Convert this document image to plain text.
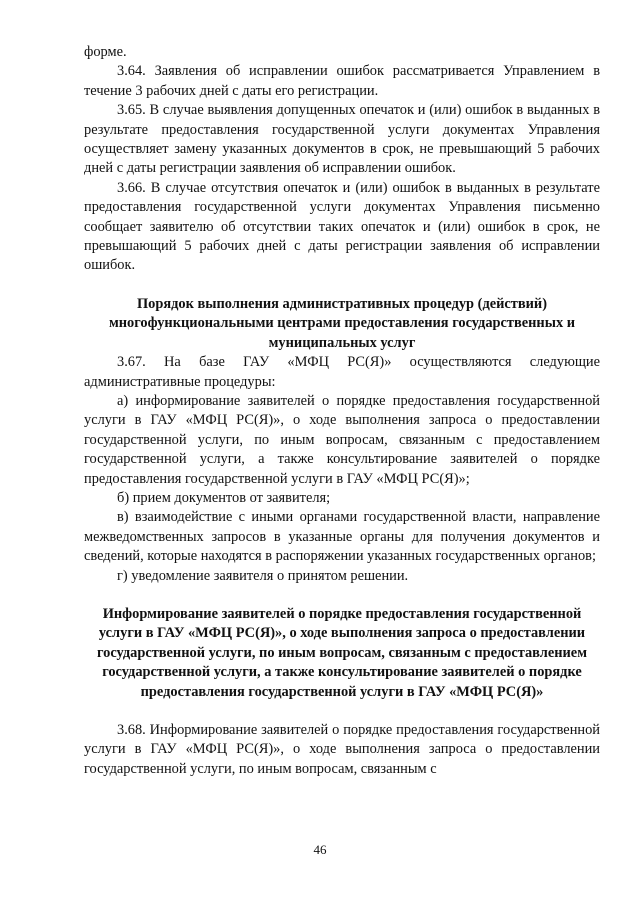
форме.

3.64. Заявления об исправлении ошибок рассматривается Управлением в течение 3 рабочих дней с даты его регистрации.

3.65. В случае выявления допущенных опечаток и (или) ошибок в выданных в результате предоставления государственной услуги документах Управления осуществляет замену указанных документов в срок, не превышающий 5 рабочих дней с даты регистрации заявления об исправлении ошибок.

3.66. В случае отсутствия опечаток и (или) ошибок в выданных в результате предоставления государственной услуги документах Управления письменно сообщает заявителю об отсутствии таких опечаток и (или) ошибок в срок, не превышающий 5 рабочих дней с даты регистрации заявления об исправлении ошибок.

Порядок выполнения административных процедур (действий) многофункциональными центрами предоставления государственных и муниципальных услуг

3.67. На базе ГАУ «МФЦ РС(Я)» осуществляются следующие административные процедуры:

а) информирование заявителей о порядке предоставления государственной услуги в ГАУ «МФЦ РС(Я)», о ходе выполнения запроса о предоставлении государственной услуги, по иным вопросам, связанным с предоставлением государственной услуги, а также консультирование заявителей о порядке предоставления государственной услуги в ГАУ «МФЦ РС(Я)»;

б) прием документов от заявителя;

в) взаимодействие с иными органами государственной власти, направление межведомственных запросов в указанные органы для получения документов и сведений, которые находятся в распоряжении указанных государственных органов;

г) уведомление заявителя о принятом решении.

Информирование заявителей о порядке предоставления государственной услуги в ГАУ «МФЦ РС(Я)», о ходе выполнения запроса о предоставлении государственной услуги, по иным вопросам, связанным с предоставлением государственной услуги, а также консультирование заявителей о порядке предоставления государственной услуги в ГАУ «МФЦ РС(Я)»

3.68. Информирование заявителей о порядке предоставления государственной услуги в ГАУ «МФЦ РС(Я)», о ходе выполнения запроса о предоставлении государственной услуги, по иным вопросам, связанным с

46
